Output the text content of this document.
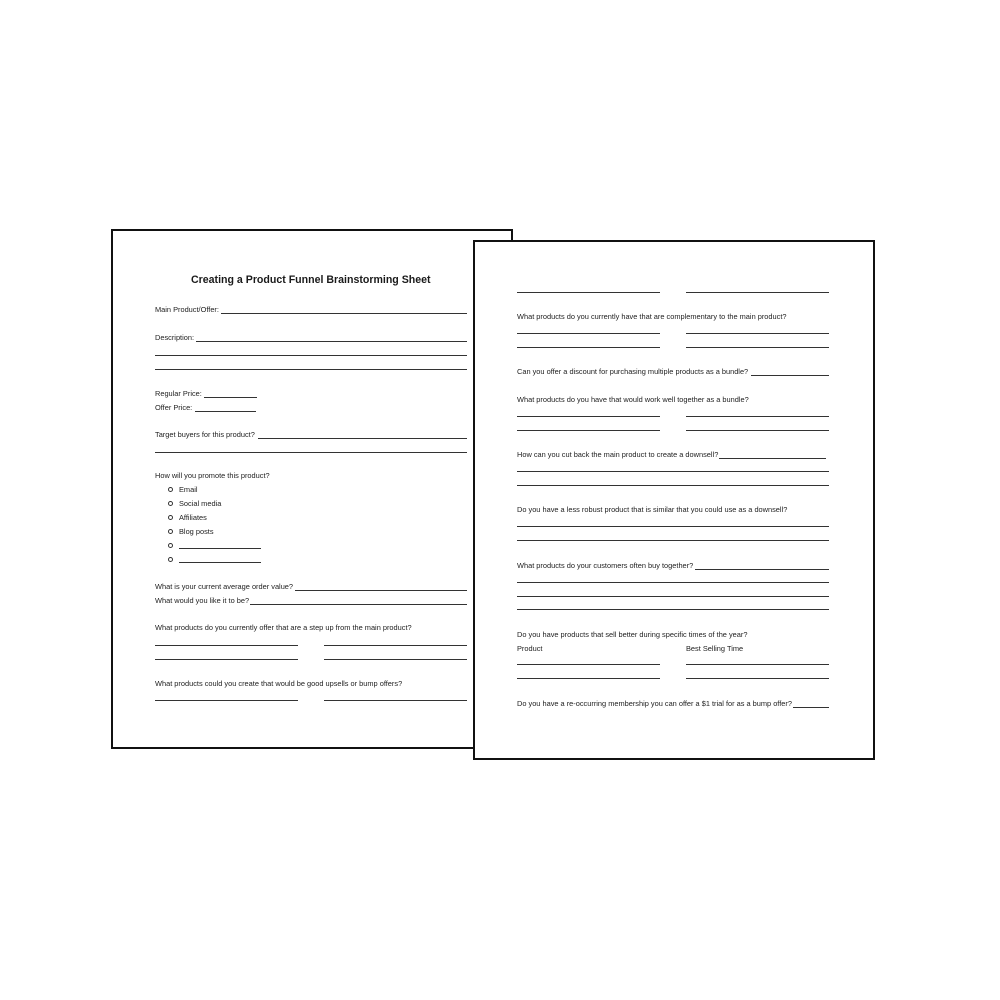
Creating a Product Funnel Brainstorming Sheet
Main Product/Offer:
Description:
Regular Price:
Offer Price:
Target buyers for this product?
How will you promote this product?
Email
Social media
Affiliates
Blog posts
What is your current average order value?
What would you like it to be?
What products do you currently offer that are a step up from the main product?
What products could you create that would be good upsells or bump offers?
What products do you currently have that are complementary to the main product?
Can you offer a discount for purchasing multiple products as a bundle?
What products do you have that would work well together as a bundle?
How can you cut back the main product to create a downsell?
Do you have a less robust product that is similar that you could use as a downsell?
What products do your customers often buy together?
Do you have products that sell better during specific times of the year?
Product	Best Selling Time
Do you have a re-occurring membership you can offer a $1 trial for as a bump offer?
